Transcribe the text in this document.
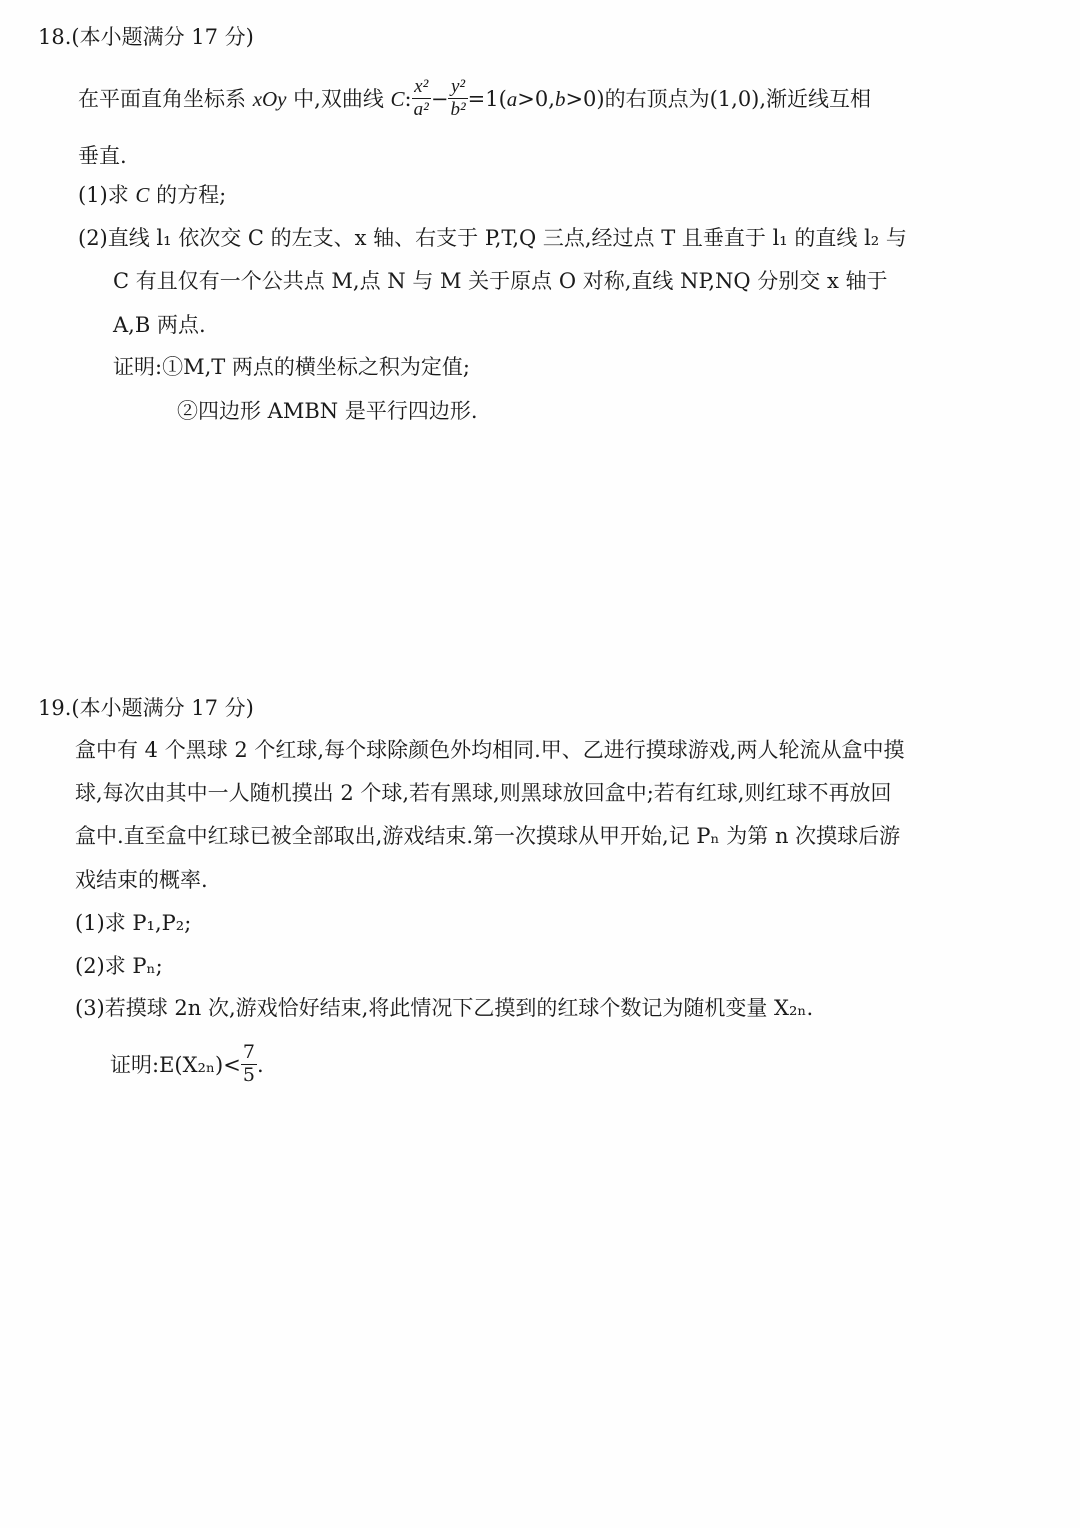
18.(本小题满分 17 分)
在平面直角坐标系 xOy 中,双曲线 C: $\frac{\text{x²}}{\text{a²}} - \frac{\text{y²}}{\text{b²}} =1(a>0,b>0)$的右顶点为(1,0),渐近线互相
垂直.
(1)求 C 的方程;
(2)直线 l₁ 依次交 C 的左支、x 轴、右支于 P,T,Q 三点,经过点 T 且垂直于 l₁ 的直线 l₂ 与
C 有且仅有一个公共点 M,点 N 与 M 关于原点 O 对称,直线 NP,NQ 分别交 x 轴于
A,B 两点.
证明:①M,T 两点的横坐标之积为定值;
②四边形 AMBN 是平行四边形.
19.(本小题满分 17 分)
盒中有 4 个黑球 2 个红球,每个球除颜色外均相同.甲、乙进行摸球游戏,两人轮流从盒中摸
球,每次由其中一人随机摸出 2 个球,若有黑球,则黑球放回盒中;若有红球,则红球不再放回
盒中.直至盒中红球已被全部取出,游戏结束.第一次摸球从甲开始,记 Pₙ 为第 n 次摸球后游
戏结束的概率.
(1)求 P₁,P₂;
(2)求 Pₙ;
(3)若摸球 2n 次,游戏恰好结束,将此情况下乙摸到的红球个数记为随机变量 X₂ₙ.
证明:E(X₂ₙ)< $\frac{7}{5}$ .
